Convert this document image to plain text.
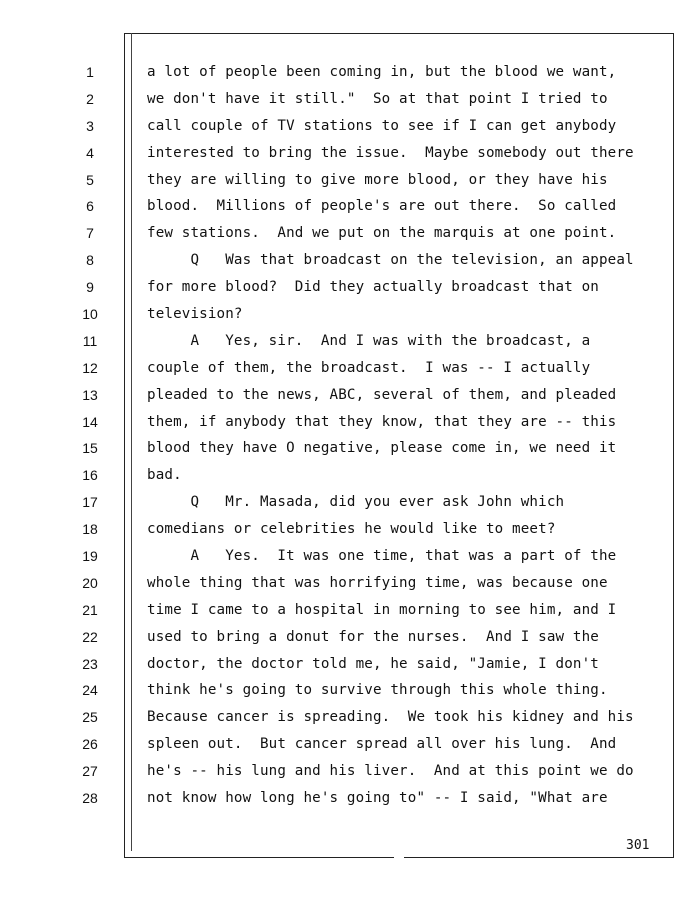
1
2
3
4
5
6
7
8
9
10
11
12
13
14
15
16
17
18
19
20
21
22
23
24
25
26
27
28
a lot of people been coming in, but the blood we want,
we don't have it still."  So at that point I tried to
call couple of TV stations to see if I can get anybody
interested to bring the issue.  Maybe somebody out there
they are willing to give more blood, or they have his
blood.  Millions of people's are out there.  So called
few stations.  And we put on the marquis at one point.
Q   Was that broadcast on the television, an appeal
for more blood?  Did they actually broadcast that on
television?
A   Yes, sir.  And I was with the broadcast, a
couple of them, the broadcast.  I was -- I actually
pleaded to the news, ABC, several of them, and pleaded
them, if anybody that they know, that they are -- this
blood they have O negative, please come in, we need it
bad.
Q   Mr. Masada, did you ever ask John which
comedians or celebrities he would like to meet?
A   Yes.  It was one time, that was a part of the
whole thing that was horrifying time, was because one
time I came to a hospital in morning to see him, and I
used to bring a donut for the nurses.  And I saw the
doctor, the doctor told me, he said, "Jamie, I don't
think he's going to survive through this whole thing.
Because cancer is spreading.  We took his kidney and his
spleen out.  But cancer spread all over his lung.  And
he's -- his lung and his liver.  And at this point we do
not know how long he's going to" -- I said, "What are
301
